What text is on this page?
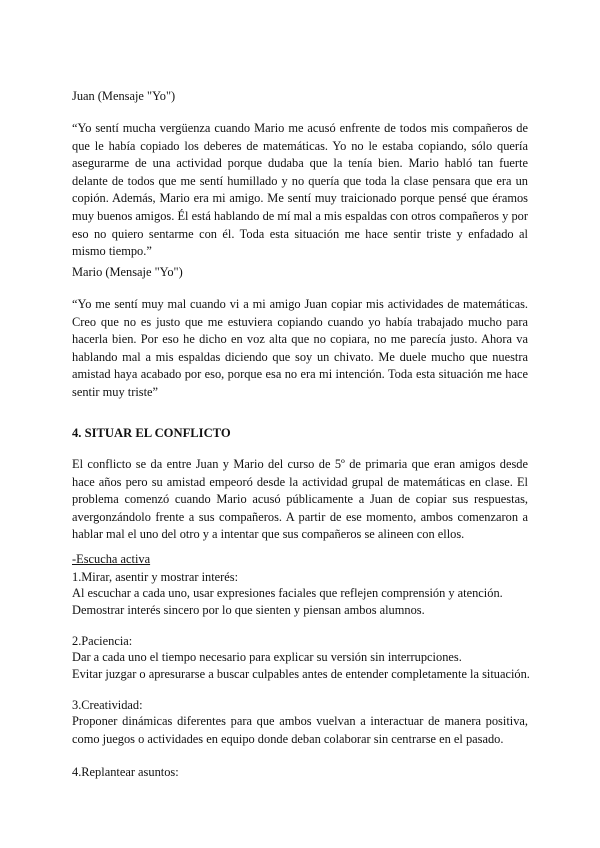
Juan (Mensaje "Yo")
“Yo sentí mucha vergüenza cuando Mario me acusó enfrente de todos mis compañeros de que le había copiado los deberes de matemáticas. Yo no le estaba copiando, sólo quería asegurarme de una actividad porque dudaba que la tenía bien. Mario habló tan fuerte delante de todos que me sentí humillado y no quería que toda la clase pensara que era un copión. Además, Mario era mi amigo. Me sentí muy traicionado porque pensé que éramos muy buenos amigos. Él está hablando de mí mal a mis espaldas con otros compañeros y por eso no quiero sentarme con él. Toda esta situación me hace sentir triste y enfadado al mismo tiempo.”
Mario (Mensaje "Yo")
“Yo me sentí muy mal cuando vi a mi amigo Juan copiar mis actividades de matemáticas. Creo que no es justo que me estuviera copiando cuando yo había trabajado mucho para hacerla bien. Por eso he dicho en voz alta que no copiara, no me parecía justo. Ahora va hablando mal a mis espaldas diciendo que soy un chivato. Me duele mucho que nuestra amistad haya acabado por eso, porque esa no era mi intención. Toda esta situación me hace sentir muy triste”
4. SITUAR EL CONFLICTO
El conflicto se da entre Juan y Mario del curso de 5º de primaria que eran amigos desde hace años pero su amistad empeoró desde la actividad grupal de matemáticas en clase. El problema comenzó cuando Mario acusó públicamente a Juan de copiar sus respuestas, avergonzándolo frente a sus compañeros. A partir de ese momento, ambos comenzaron a hablar mal el uno del otro y a intentar que sus compañeros se alineen con ellos.
-Escucha activa
1.Mirar, asentir y mostrar interés:
Al escuchar a cada uno, usar expresiones faciales que reflejen comprensión y atención.
Demostrar interés sincero por lo que sienten y piensan ambos alumnos.
2.Paciencia:
Dar a cada uno el tiempo necesario para explicar su versión sin interrupciones.
Evitar juzgar o apresurarse a buscar culpables antes de entender completamente la situación.
3.Creatividad:
Proponer dinámicas diferentes para que ambos vuelvan a interactuar de manera positiva, como juegos o actividades en equipo donde deban colaborar sin centrarse en el pasado.
4.Replantear asuntos:
